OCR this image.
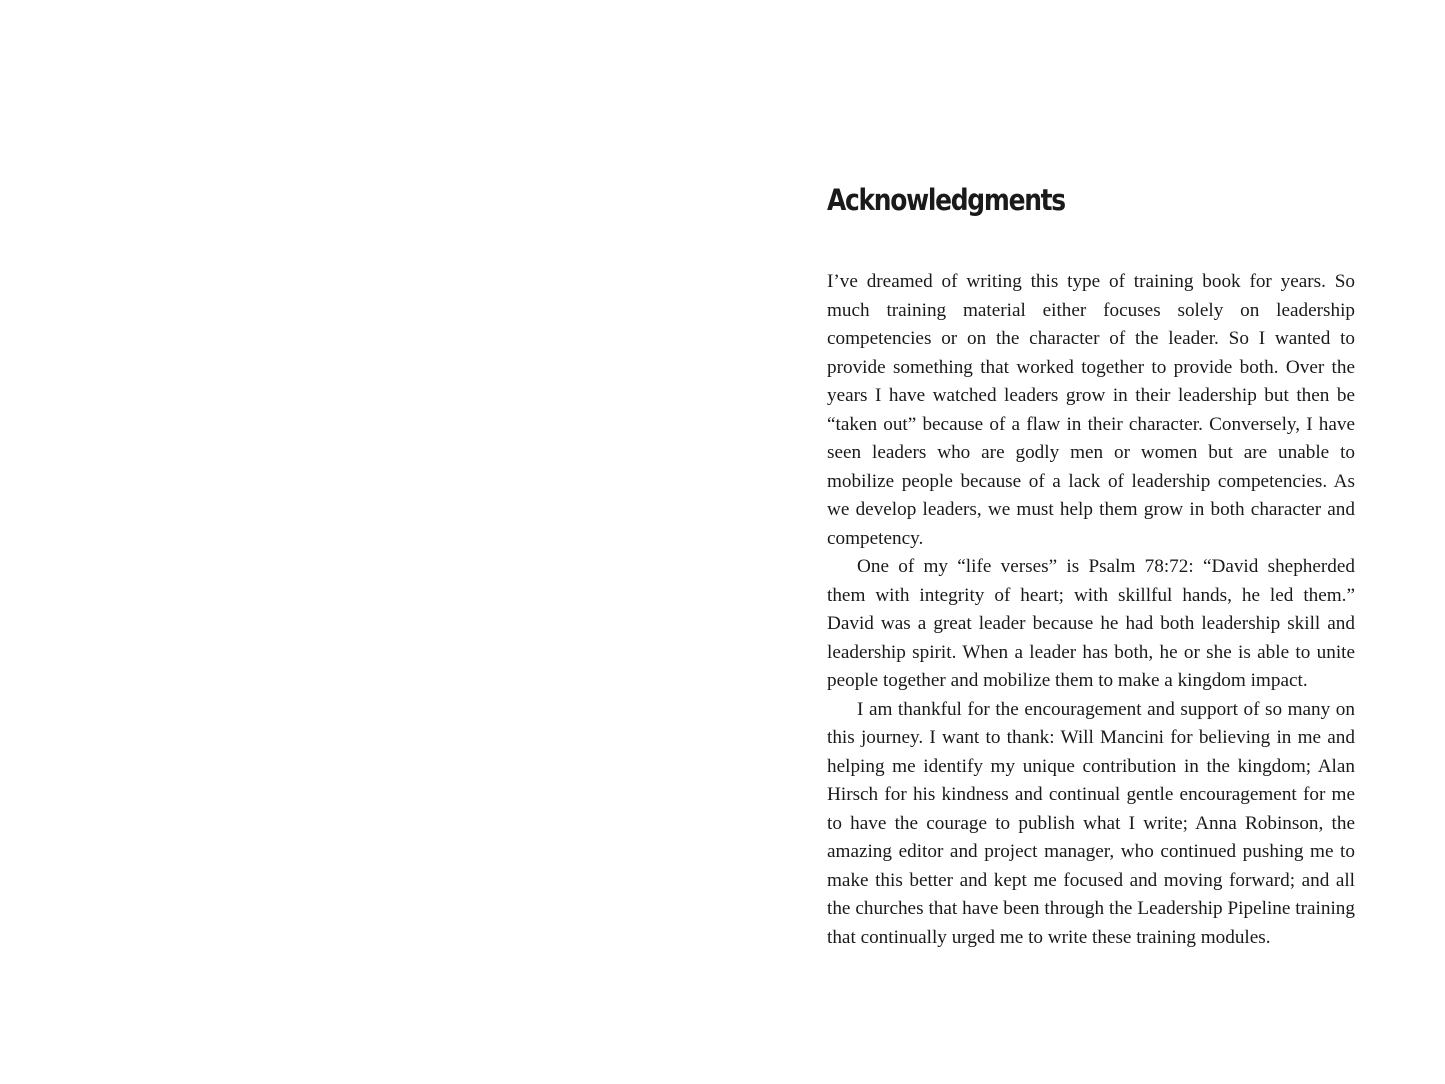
Acknowledgments

I’ve dreamed of writing this type of training book for years. So much training material either focuses solely on leadership competencies or on the character of the leader. So I wanted to provide something that worked together to provide both. Over the years I have watched leaders grow in their leadership but then be “taken out” because of a flaw in their character. Conversely, I have seen leaders who are godly men or women but are unable to mobilize people because of a lack of leadership competencies. As we develop leaders, we must help them grow in both character and competency.

One of my “life verses” is Psalm 78:72: “David shepherded them with integrity of heart; with skillful hands, he led them.” David was a great leader because he had both leadership skill and leadership spirit. When a leader has both, he or she is able to unite people together and mobilize them to make a kingdom impact.

I am thankful for the encouragement and support of so many on this journey. I want to thank: Will Mancini for believing in me and helping me identify my unique contribution in the kingdom; Alan Hirsch for his kindness and continual gentle encouragement for me to have the courage to publish what I write; Anna Robinson, the amazing editor and project manager, who continued pushing me to make this better and kept me focused and moving forward; and all the churches that have been through the Leadership Pipeline training that continually urged me to write these training modules.
